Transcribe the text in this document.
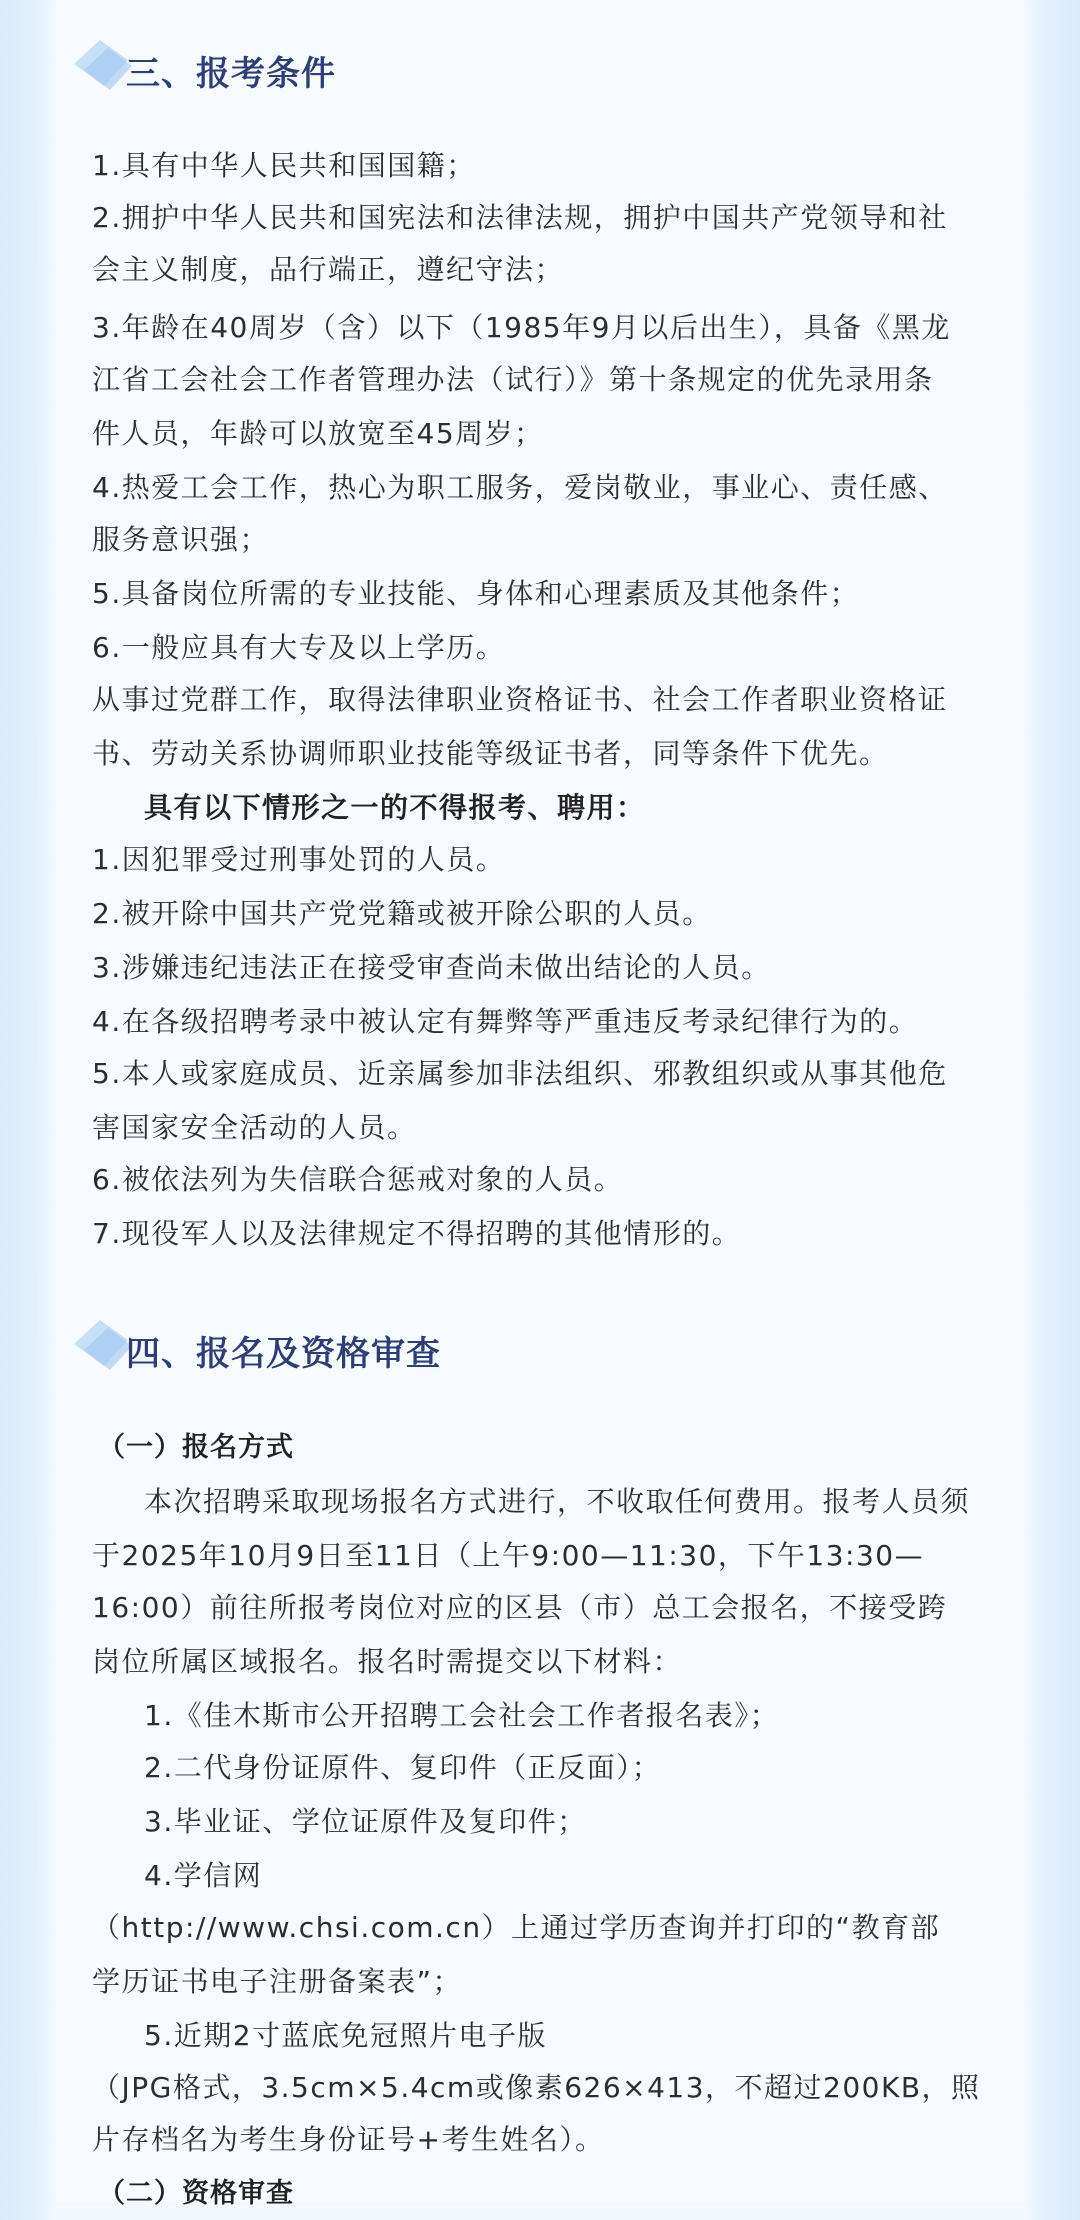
三、报考条件
1.具有中华人民共和国国籍；
2.拥护中华人民共和国宪法和法律法规，拥护中国共产党领导和社
会主义制度，品行端正，遵纪守法；
3.年龄在40周岁（含）以下（1985年9月以后出生），具备《黑龙
江省工会社会工作者管理办法（试行）》第十条规定的优先录用条
件人员，年龄可以放宽至45周岁；
4.热爱工会工作，热心为职工服务，爱岗敬业，事业心、责任感、
服务意识强；
5.具备岗位所需的专业技能、身体和心理素质及其他条件；
6.一般应具有大专及以上学历。
从事过党群工作，取得法律职业资格证书、社会工作者职业资格证
书、劳动关系协调师职业技能等级证书者，同等条件下优先。
具有以下情形之一的不得报考、聘用：
1.因犯罪受过刑事处罚的人员。
2.被开除中国共产党党籍或被开除公职的人员。
3.涉嫌违纪违法正在接受审查尚未做出结论的人员。
4.在各级招聘考录中被认定有舞弊等严重违反考录纪律行为的。
5.本人或家庭成员、近亲属参加非法组织、邪教组织或从事其他危
害国家安全活动的人员。
6.被依法列为失信联合惩戒对象的人员。
7.现役军人以及法律规定不得招聘的其他情形的。
四、报名及资格审查
（一）报名方式
本次招聘采取现场报名方式进行，不收取任何费用。报考人员须
于2025年10月9日至11日（上午9:00—11:30，下午13:30—
16:00）前往所报考岗位对应的区县（市）总工会报名，不接受跨
岗位所属区域报名。报名时需提交以下材料：
1.《佳木斯市公开招聘工会社会工作者报名表》；
2.二代身份证原件、复印件（正反面）；
3.毕业证、学位证原件及复印件；
4.学信网
（http://www.chsi.com.cn）上通过学历查询并打印的“教育部
学历证书电子注册备案表”；
5.近期2寸蓝底免冠照片电子版
（JPG格式，3.5cm×5.4cm或像素626×413，不超过200KB，照
片存档名为考生身份证号+考生姓名）。
（二）资格审查
